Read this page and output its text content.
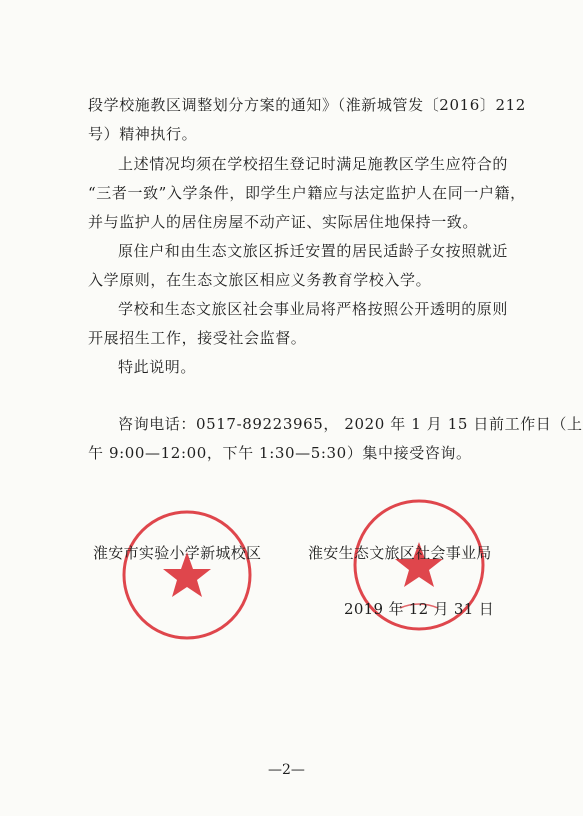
段学校施教区调整划分方案的通知》（淮新城管发〔2016〕212
号）精神执行。
上述情况均须在学校招生登记时满足施教区学生应符合的
“三者一致”入学条件，即学生户籍应与法定监护人在同一户籍，
并与监护人的居住房屋不动产证、实际居住地保持一致。
原住户和由生态文旅区拆迁安置的居民适龄子女按照就近
入学原则，在生态文旅区相应义务教育学校入学。
学校和生态文旅区社会事业局将严格按照公开透明的原则
开展招生工作，接受社会监督。
特此说明。
咨询电话：0517-89223965， 2020 年 1 月 15 日前工作日（上
午 9:00—12:00，下午 1:30—5:30）集中接受咨询。
淮安市实验小学新城校区	淮安生态文旅区社会事业局
2019 年 12 月 31 日
—2—
